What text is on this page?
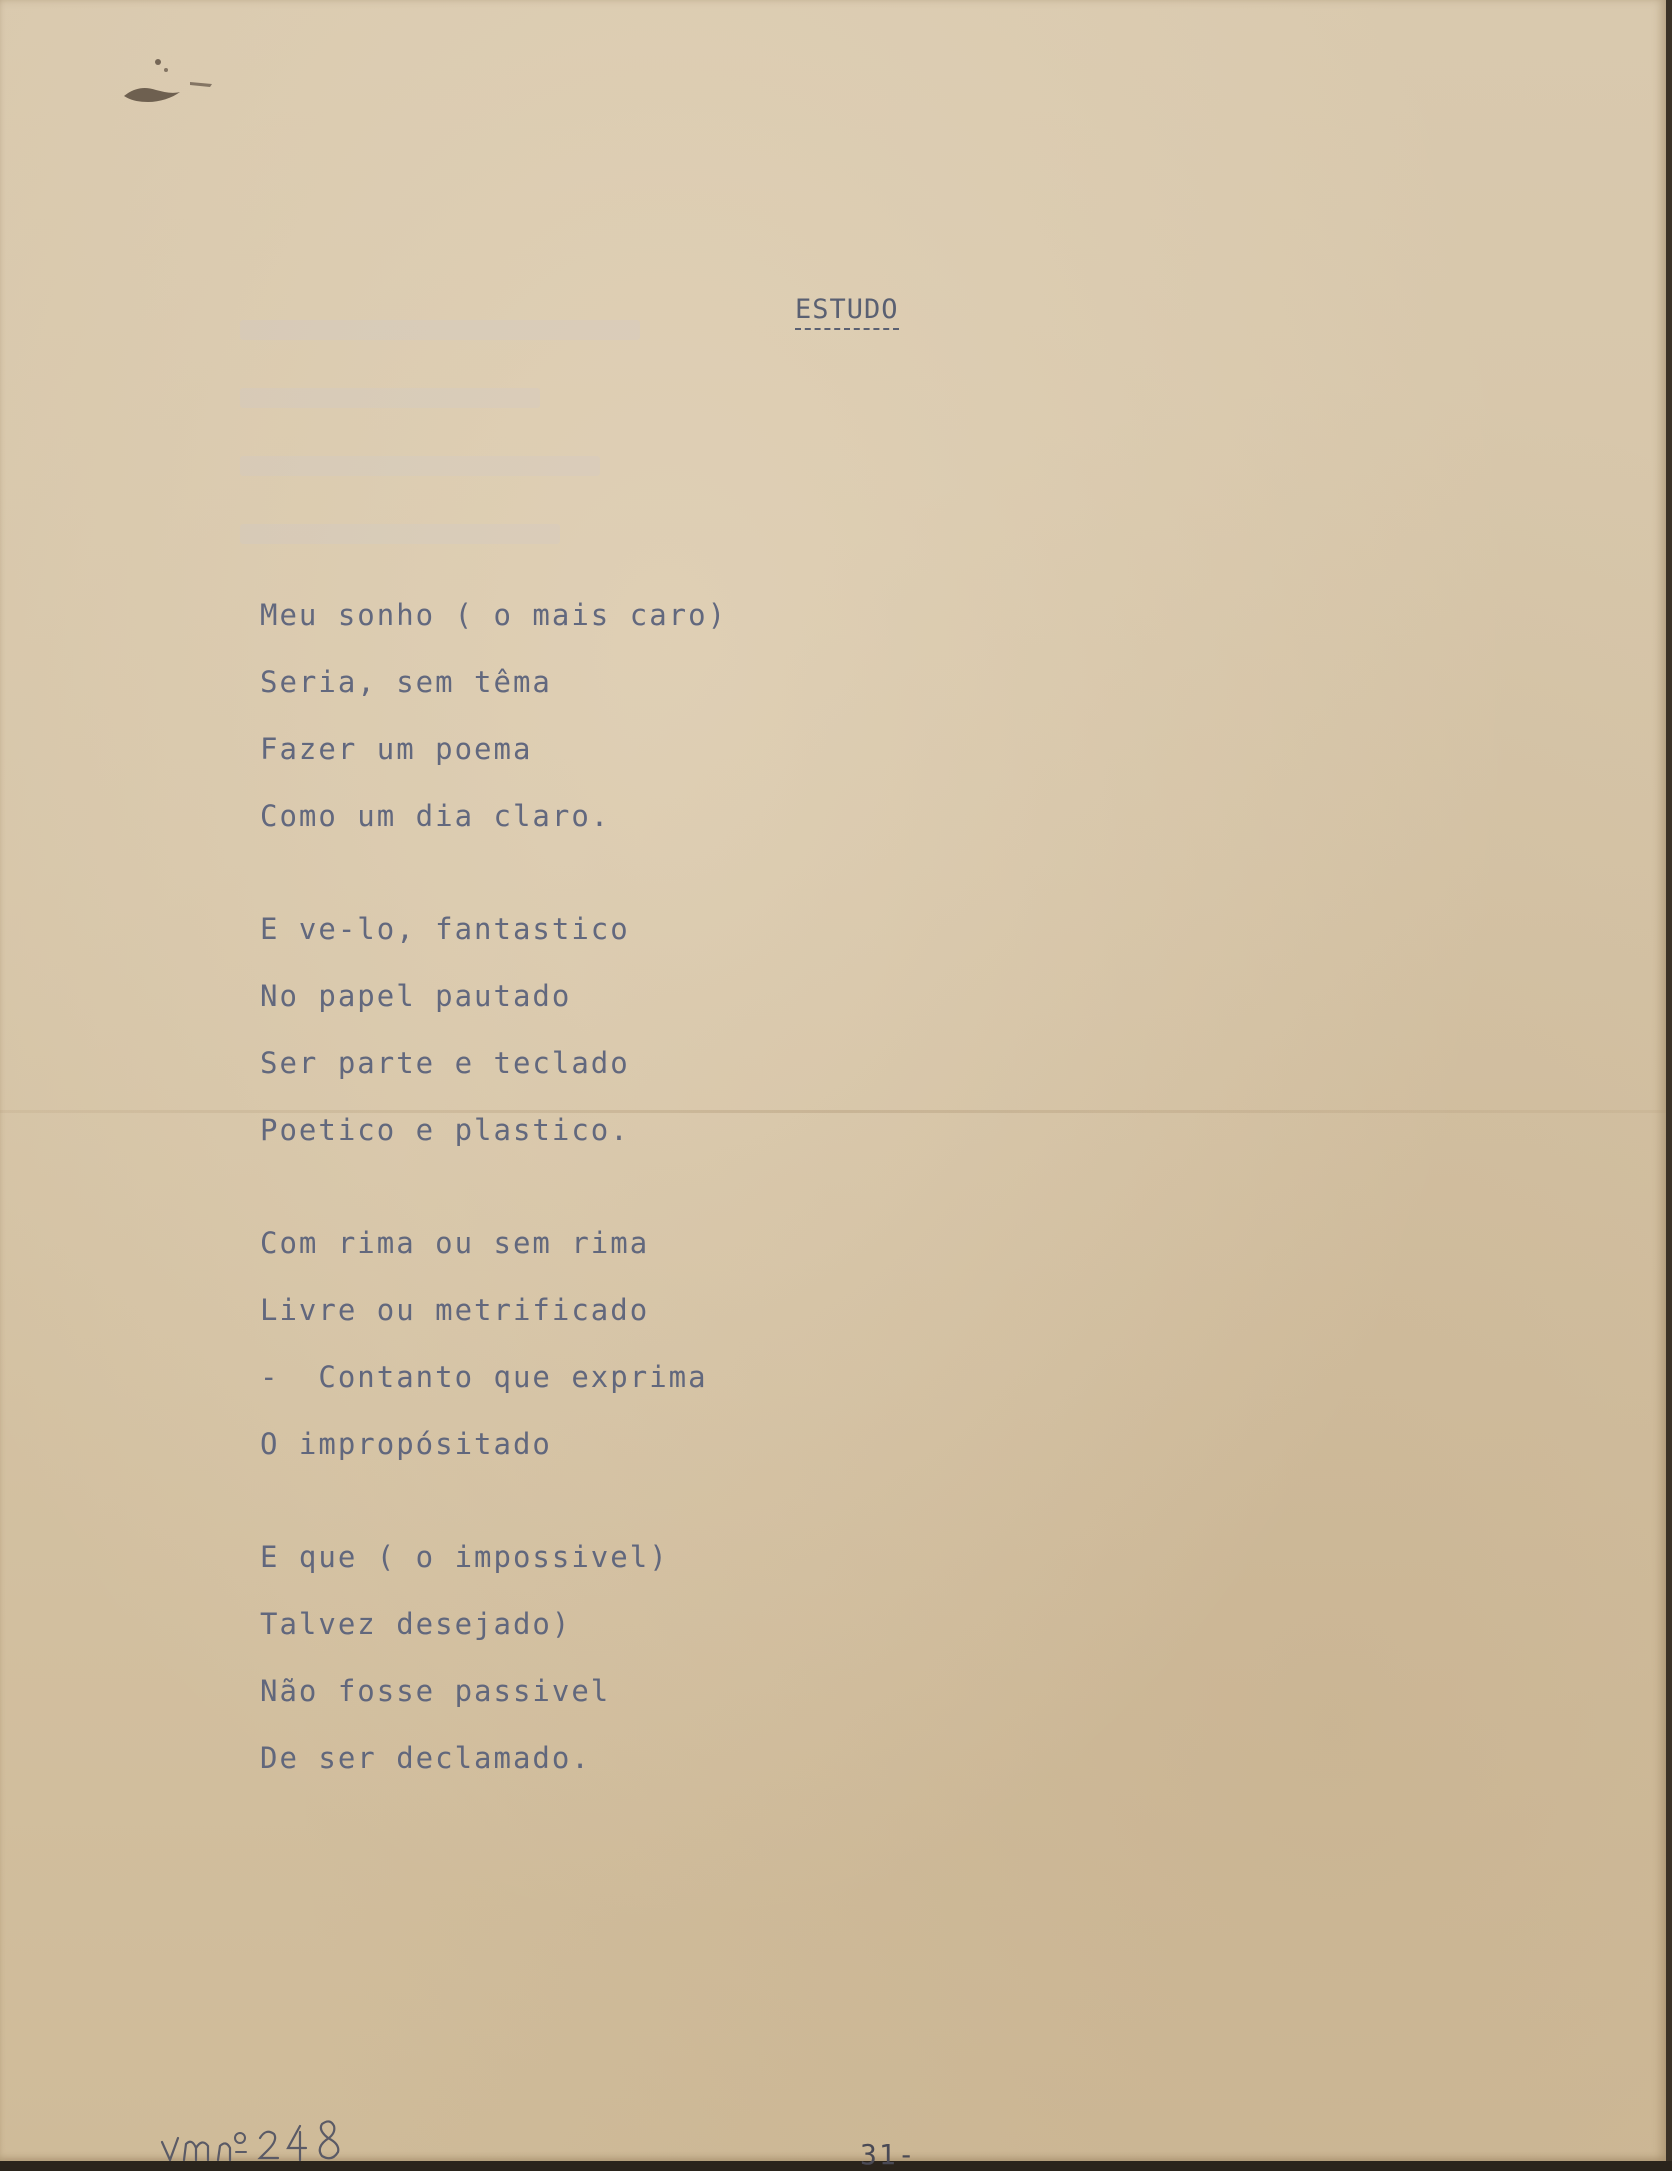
ESTUDO
Meu sonho ( o mais caro)
Seria, sem têma
Fazer um poema
Como um dia claro.
E ve-lo, fantastico
No papel pautado
Ser parte e teclado
Poetico e plastico.
Com rima ou sem rima
Livre ou metrificado
-  Contanto que exprima
O impropósitado
E que ( o impossivel)
Talvez desejado)
Não fosse passivel
De ser declamado.
31-
